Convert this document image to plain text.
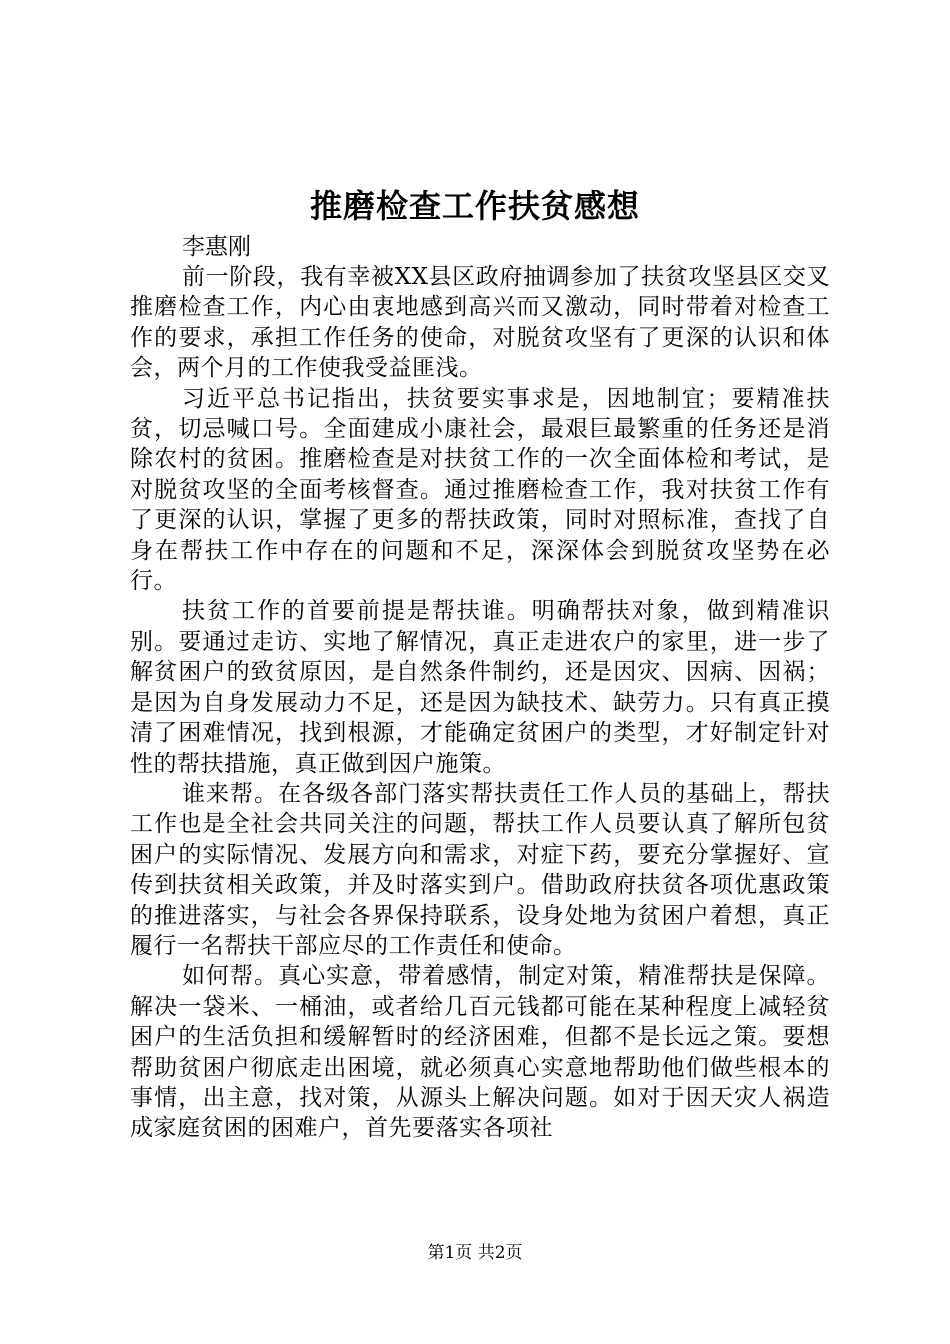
推磨检查工作扶贫感想
李惠刚

前一阶段，我有幸被XX县区政府抽调参加了扶贫攻坚县区交叉推磨检查工作，内心由衷地感到高兴而又激动，同时带着对检查工作的要求，承担工作任务的使命，对脱贫攻坚有了更深的认识和体会，两个月的工作使我受益匪浅。

习近平总书记指出，扶贫要实事求是，因地制宜；要精准扶贫，切忌喊口号。全面建成小康社会，最艰巨最繁重的任务还是消除农村的贫困。推磨检查是对扶贫工作的一次全面体检和考试，是对脱贫攻坚的全面考核督查。通过推磨检查工作，我对扶贫工作有了更深的认识，掌握了更多的帮扶政策，同时对照标准，查找了自身在帮扶工作中存在的问题和不足，深深体会到脱贫攻坚势在必行。

扶贫工作的首要前提是帮扶谁。明确帮扶对象，做到精准识别。要通过走访、实地了解情况，真正走进农户的家里，进一步了解贫困户的致贫原因，是自然条件制约，还是因灾、因病、因祸；是因为自身发展动力不足，还是因为缺技术、缺劳力。只有真正摸清了困难情况，找到根源，才能确定贫困户的类型，才好制定针对性的帮扶措施，真正做到因户施策。

谁来帮。在各级各部门落实帮扶责任工作人员的基础上，帮扶工作也是全社会共同关注的问题，帮扶工作人员要认真了解所包贫困户的实际情况、发展方向和需求，对症下药，要充分掌握好、宣传到扶贫相关政策，并及时落实到户。借助政府扶贫各项优惠政策的推进落实，与社会各界保持联系，设身处地为贫困户着想，真正履行一名帮扶干部应尽的工作责任和使命。

如何帮。真心实意，带着感情，制定对策，精准帮扶是保障。解决一袋米、一桶油，或者给几百元钱都可能在某种程度上减轻贫困户的生活负担和缓解暂时的经济困难，但都不是长远之策。要想帮助贫困户彻底走出困境，就必须真心实意地帮助他们做些根本的事情，出主意，找对策，从源头上解决问题。如对于因天灾人祸造成家庭贫困的困难户，首先要落实各项社

第1页 共2页
